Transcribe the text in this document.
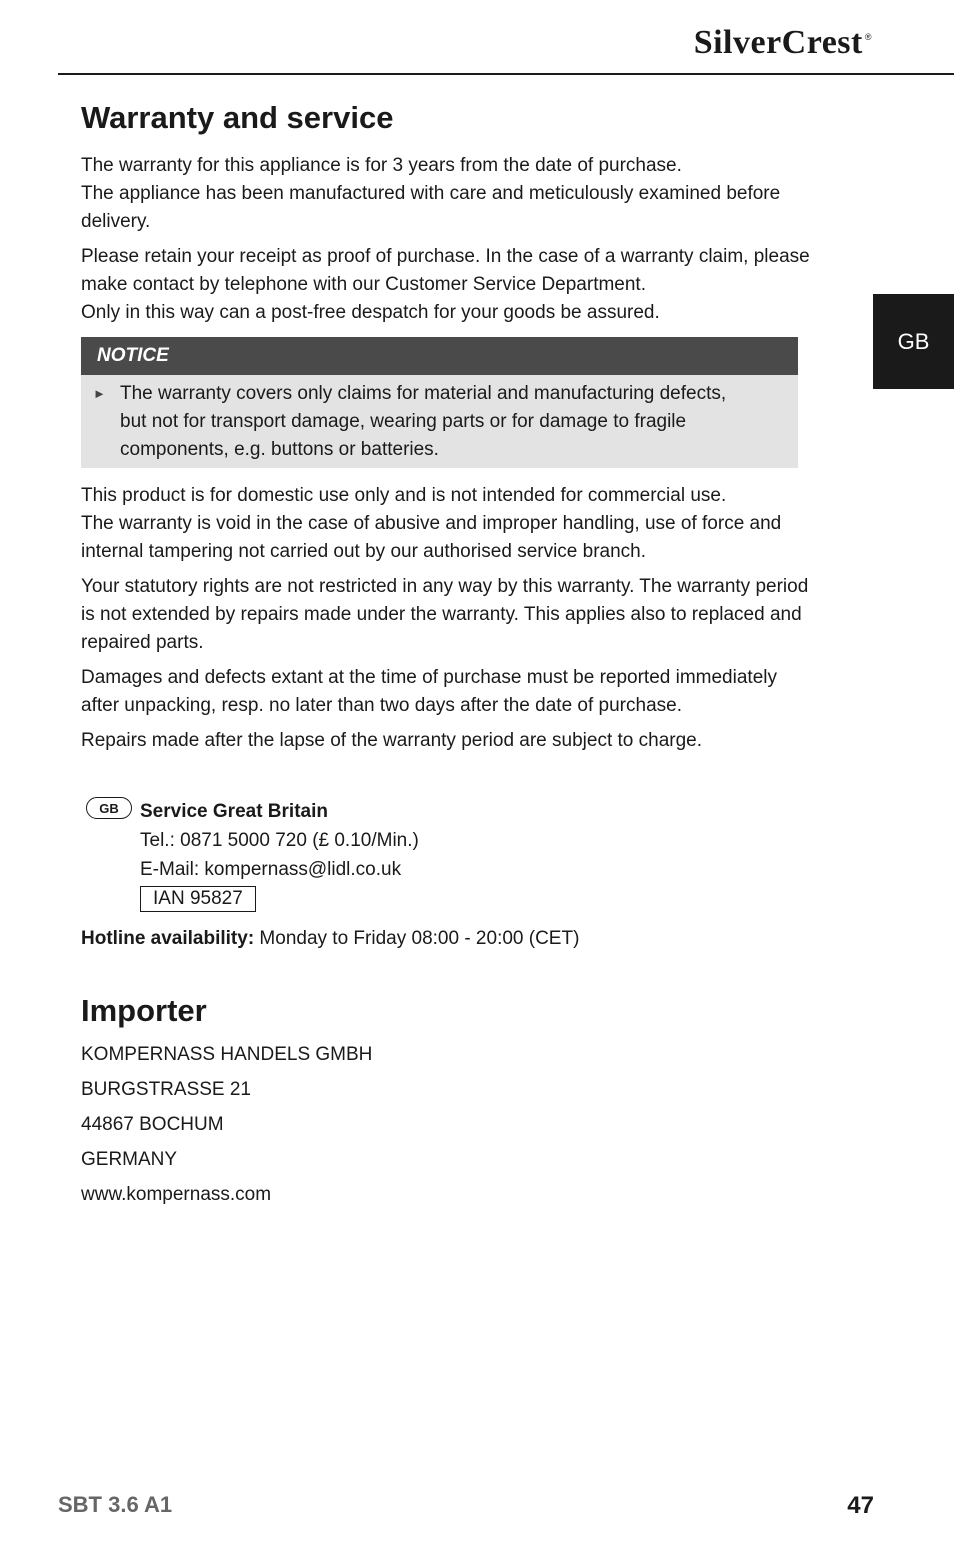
SilverCrest ®
GB
Warranty and service

The warranty for this appliance is for 3 years from the date of purchase.
The appliance has been manufactured with care and meticulously examined before
delivery.

Please retain your receipt as proof of purchase. In the case of a warranty claim, please
make contact by telephone with our Customer Service Department.
Only in this way can a post-free despatch for your goods be assured.

NOTICE
► The warranty covers only claims for material and manufacturing defects,
but not for transport damage, wearing parts or for damage to fragile
components, e.g. buttons or batteries.

This product is for domestic use only and is not intended for commercial use.
The warranty is void in the case of abusive and improper handling, use of force and
internal tampering not carried out by our authorised service branch.

Your statutory rights are not restricted in any way by this warranty. The warranty period
is not extended by repairs made under the warranty. This applies also to replaced and
repaired parts.

Damages and defects extant at the time of purchase must be reported immediately
after unpacking, resp. no later than two days after the date of purchase.

Repairs made after the lapse of the warranty period are subject to charge.

GB	Service Great Britain
Tel.: 0871 5000 720 (£ 0.10/Min.)
E-Mail: kompernass@lidl.co.uk
IAN 95827
Hotline availability: Monday to Friday 08:00 - 20:00 (CET)
Importer
KOMPERNASS HANDELS GMBH
BURGSTRASSE 21
44867 BOCHUM
GERMANY
www.kompernass.com
SBT 3.6 A1	47
